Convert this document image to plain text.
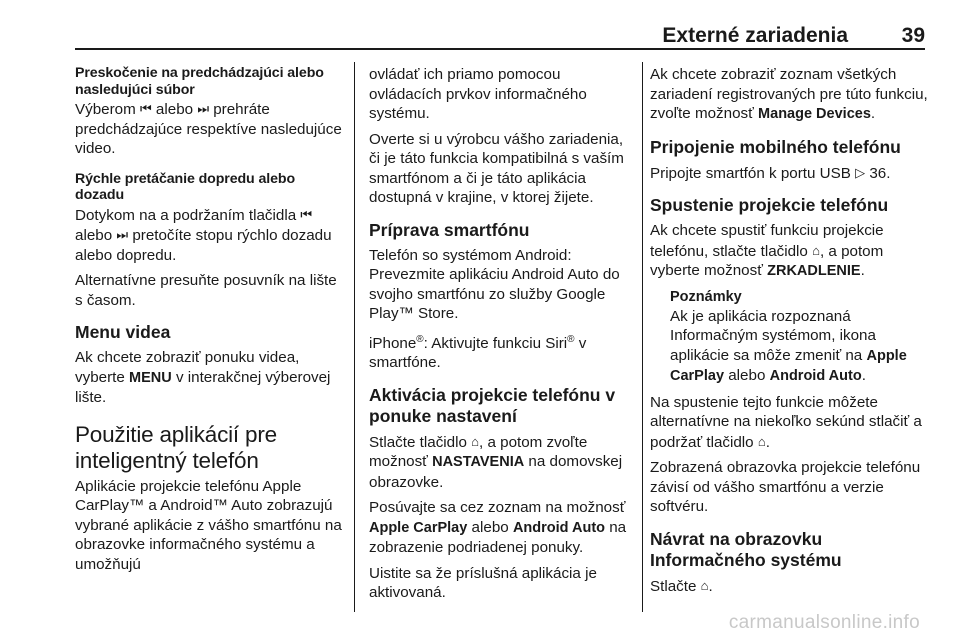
Externé zariadenia	39
Preskočenie na predchádzajúci alebo nasledujúci súbor

Výberom ⏮ alebo ⏭ prehráte predchádzajúce respektíve nasledujúce video.

Rýchle pretáčanie dopredu alebo dozadu

Dotykom na a podržaním tlačidla ⏮ alebo ⏭ pretočíte stopu rýchlo dozadu alebo dopredu.

Alternatívne presuňte posuvník na lište s časom.

Menu videa

Ak chcete zobraziť ponuku videa, vyberte MENU v interakčnej výberovej lište.

Použitie aplikácií pre inteligentný telefón

Aplikácie projekcie telefónu Apple CarPlay™ a Android™ Auto zobrazujú vybrané aplikácie z vášho smartfónu na obrazovke informačného systému a umožňujú

ovládať ich priamo pomocou ovládacích prvkov informačného systému.

Overte si u výrobcu vášho zariadenia, či je táto funkcia kompatibilná s vaším smartfónom a či je táto aplikácia dostupná v krajine, v ktorej žijete.

Príprava smartfónu

Telefón so systémom Android: Prevezmite aplikáciu Android Auto do svojho smartfónu zo služby Google Play™ Store.

iPhone®: Aktivujte funkciu Siri® v smartfóne.

Aktivácia projekcie telefónu v ponuke nastavení

Stlačte tlačidlo ⌂, a potom zvoľte možnosť NASTAVENIA na domovskej obrazovke.

Posúvajte sa cez zoznam na možnosť Apple CarPlay alebo Android Auto na zobrazenie podriadenej ponuky.

Uistite sa že príslušná aplikácia je aktivovaná.

Ak chcete zobraziť zoznam všetkých zariadení registrovaných pre túto funkciu, zvoľte možnosť Manage Devices.

Pripojenie mobilného telefónu

Pripojte smartfón k portu USB ▷ 36.

Spustenie projekcie telefónu

Ak chcete spustiť funkciu projekcie telefónu, stlačte tlačidlo ⌂, a potom vyberte možnosť ZRKADLENIE.

Poznámky

Ak je aplikácia rozpoznaná Informačným systémom, ikona aplikácie sa môže zmeniť na Apple CarPlay alebo Android Auto.

Na spustenie tejto funkcie môžete alternatívne na niekoľko sekúnd stlačiť a podržať tlačidlo ⌂.

Zobrazená obrazovka projekcie telefónu závisí od vášho smartfónu a verzie softvéru.

Návrat na obrazovku Informačného systému

Stlačte ⌂.

carmanualsonline.info
